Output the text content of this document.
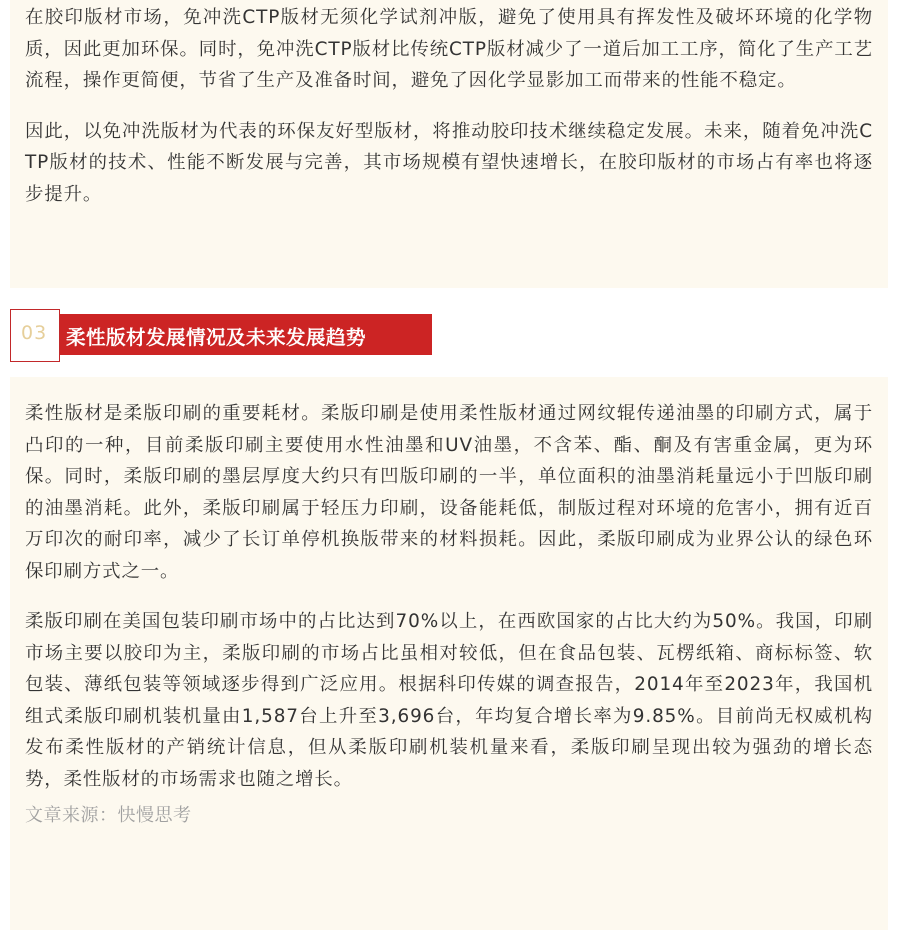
在胶印版材市场，免冲洗CTP版材无须化学试剂冲版，避免了使用具有挥发性及破坏环境的化学物质，因此更加环保。同时，免冲洗CTP版材比传统CTP版材减少了一道后加工工序，简化了生产工艺流程，操作更简便，节省了生产及准备时间，避免了因化学显影加工而带来的性能不稳定。

因此，以免冲洗版材为代表的环保友好型版材，将推动胶印技术继续稳定发展。未来，随着免冲洗CTP版材的技术、性能不断发展与完善，其市场规模有望快速增长，在胶印版材的市场占有率也将逐步提升。

03 柔性版材发展情况及未来发展趋势

柔性版材是柔版印刷的重要耗材。柔版印刷是使用柔性版材通过网纹辊传递油墨的印刷方式，属于凸印的一种，目前柔版印刷主要使用水性油墨和UV油墨，不含苯、酯、酮及有害重金属，更为环保。同时，柔版印刷的墨层厚度大约只有凹版印刷的一半，单位面积的油墨消耗量远小于凹版印刷的油墨消耗。此外，柔版印刷属于轻压力印刷，设备能耗低，制版过程对环境的危害小，拥有近百万印次的耐印率，减少了长订单停机换版带来的材料损耗。因此，柔版印刷成为业界公认的绿色环保印刷方式之一。

柔版印刷在美国包装印刷市场中的占比达到70%以上，在西欧国家的占比大约为50%。我国，印刷市场主要以胶印为主，柔版印刷的市场占比虽相对较低，但在食品包装、瓦楞纸箱、商标标签、软包装、薄纸包装等领域逐步得到广泛应用。根据科印传媒的调查报告，2014年至2023年，我国机组式柔版印刷机装机量由1,587台上升至3,696台，年均复合增长率为9.85%。目前尚无权威机构发布柔性版材的产销统计信息，但从柔版印刷机装机量来看，柔版印刷呈现出较为强劲的增长态势，柔性版材的市场需求也随之增长。

文章来源：快慢思考
